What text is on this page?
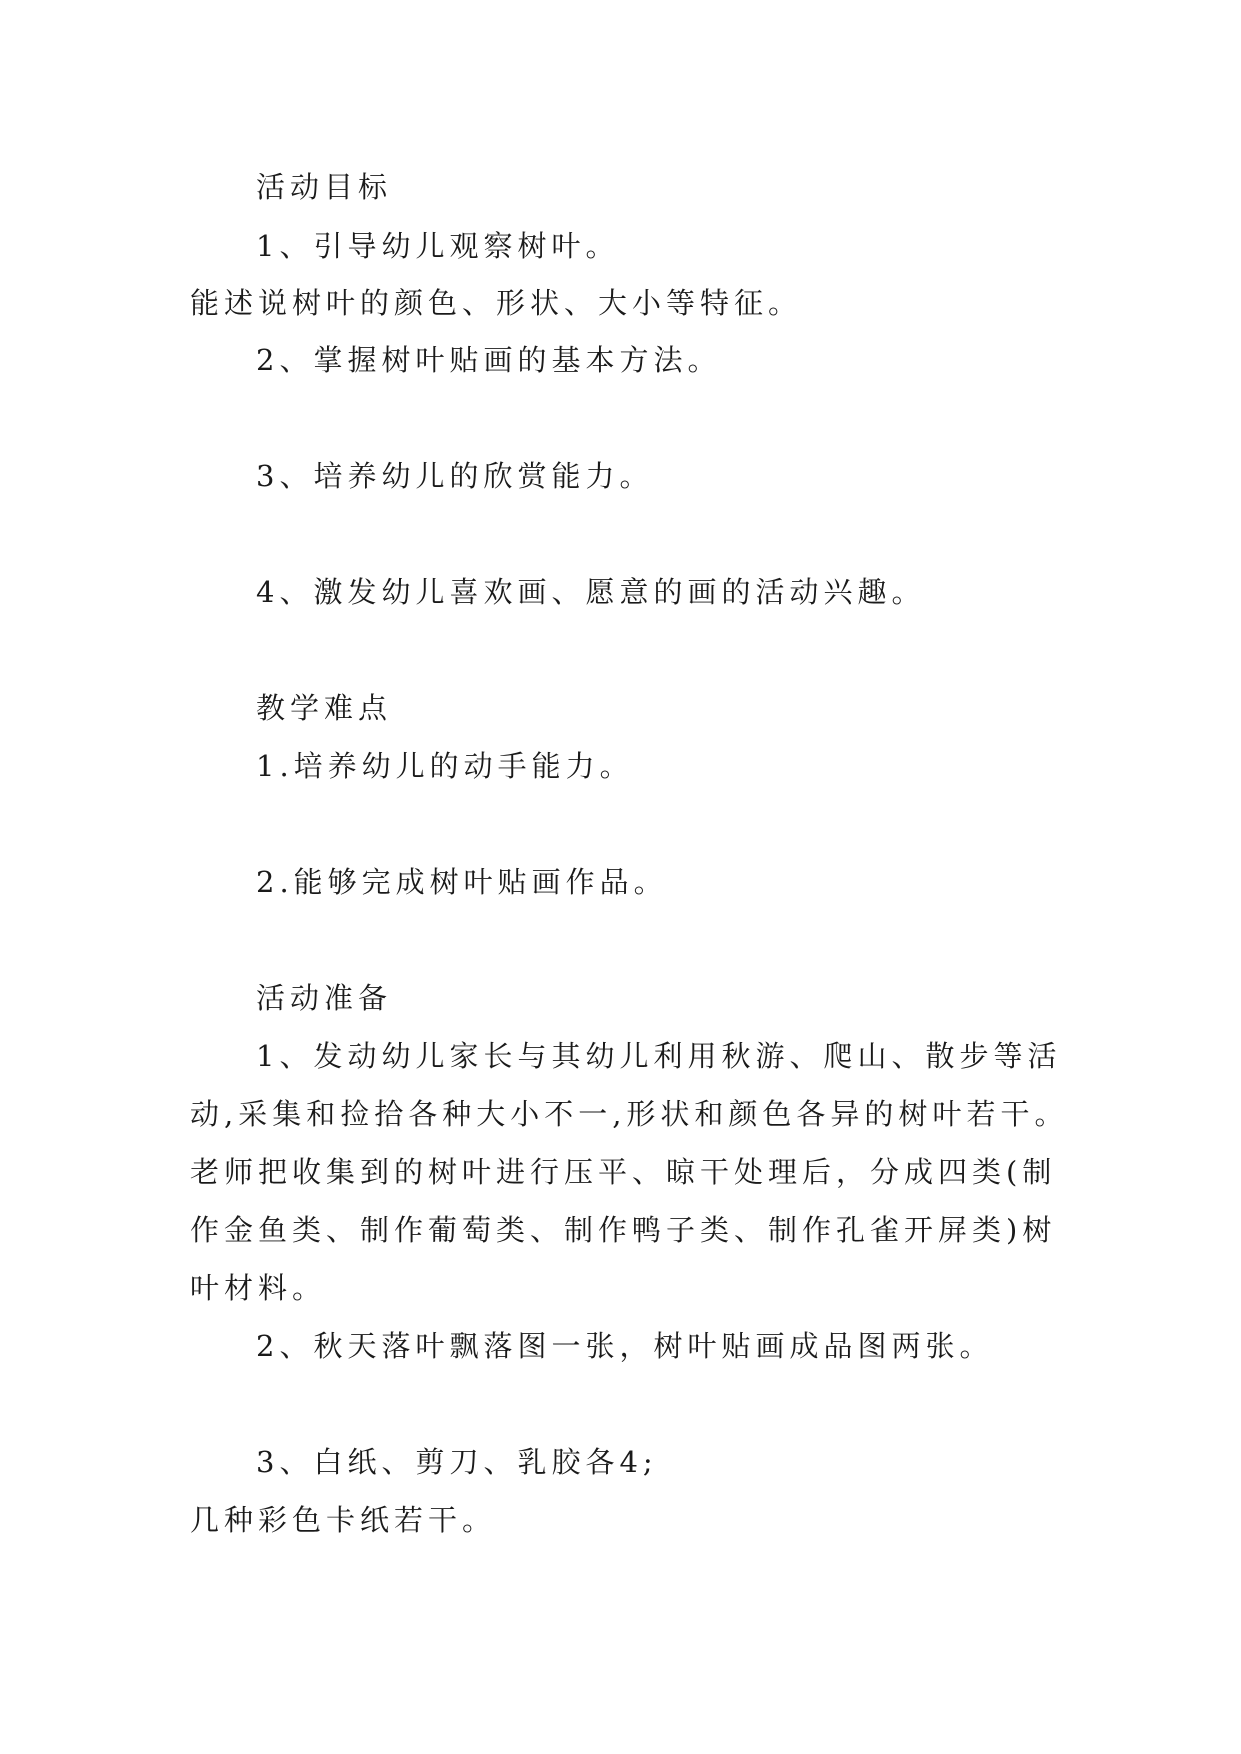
活动目标
1、引导幼儿观察树叶。
能述说树叶的颜色、形状、大小等特征。
2、掌握树叶贴画的基本方法。
3、培养幼儿的欣赏能力。
4、激发幼儿喜欢画、愿意的画的活动兴趣。
教学难点
1.培养幼儿的动手能力。
2.能够完成树叶贴画作品。
活动准备
1、发动幼儿家长与其幼儿利用秋游、爬山、散步等活
动,采集和捡拾各种大小不一,形状和颜色各异的树叶若干。
老师把收集到的树叶进行压平、晾干处理后，分成四类(制
作金鱼类、制作葡萄类、制作鸭子类、制作孔雀开屏类)树
叶材料。
2、秋天落叶飘落图一张，树叶贴画成品图两张。
3、白纸、剪刀、乳胶各4;
几种彩色卡纸若干。
